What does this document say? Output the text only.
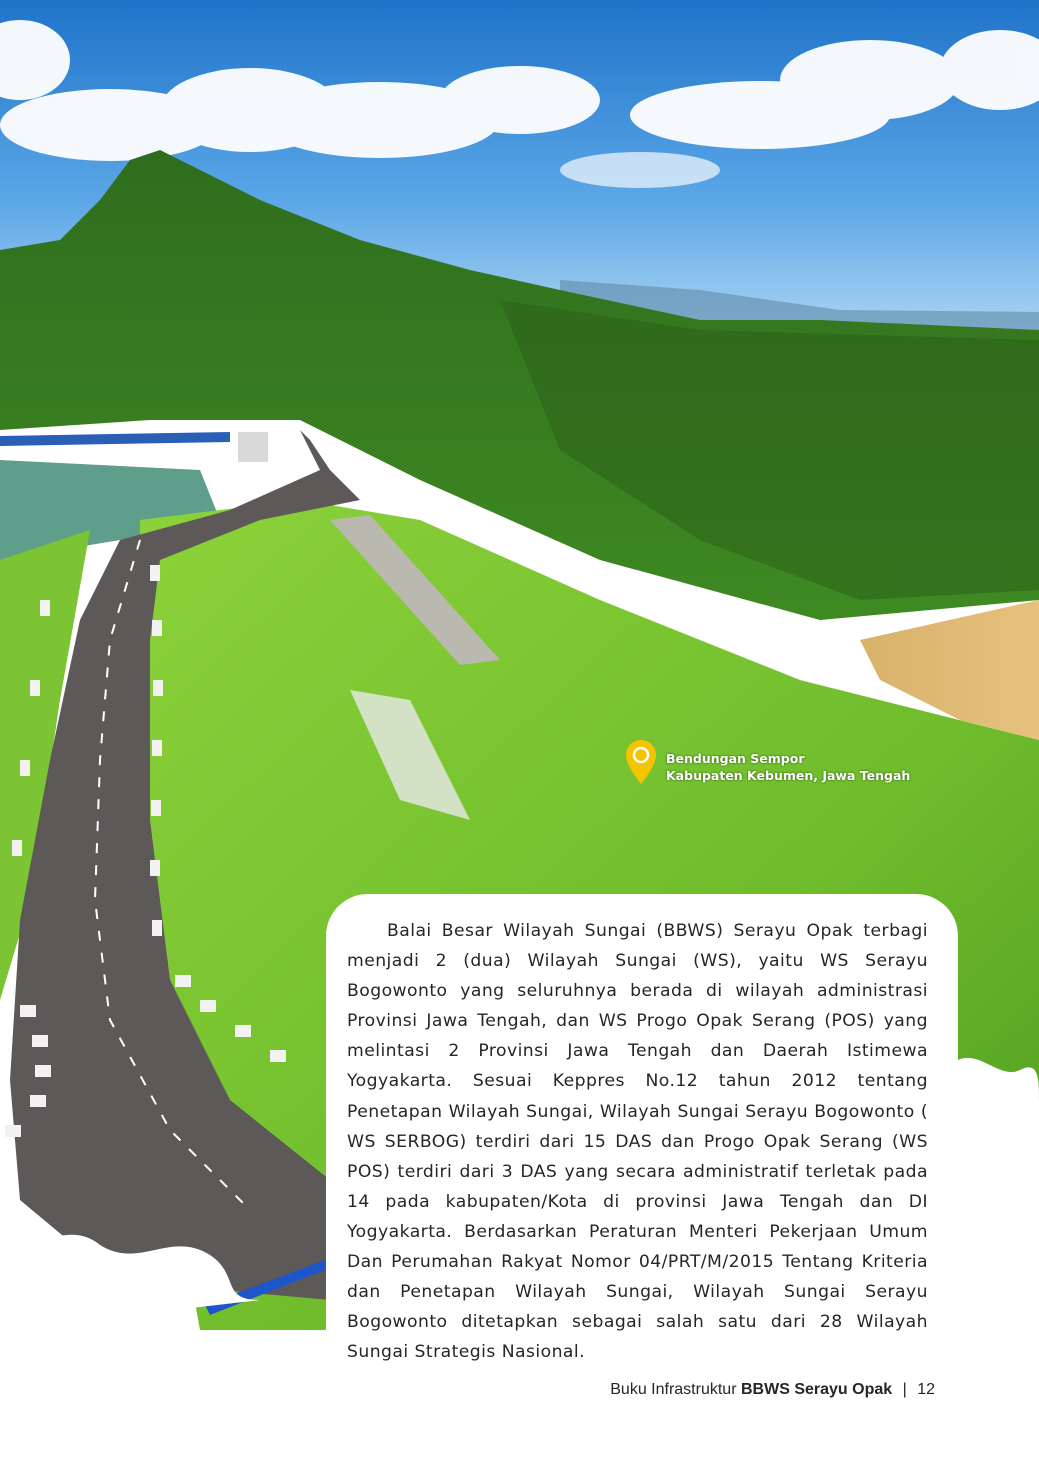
Bendungan Sempor
Kabupaten Kebumen, Jawa Tengah

Balai Besar Wilayah Sungai (BBWS) Serayu Opak terbagi menjadi 2 (dua) Wilayah Sungai (WS), yaitu WS Serayu Bogowonto yang seluruhnya berada di wilayah administrasi Provinsi Jawa Tengah, dan WS Progo Opak Serang (POS) yang melintasi 2 Provinsi Jawa Tengah dan Daerah Istimewa Yogyakarta. Sesuai Keppres No.12 tahun 2012 tentang Penetapan Wilayah Sungai, Wilayah Sungai Serayu Bogowonto ( WS SERBOG) terdiri dari 15 DAS dan Progo Opak Serang (WS POS) terdiri dari 3 DAS yang secara administratif terletak pada 14 pada kabupaten/Kota di provinsi Jawa Tengah dan DI Yogyakarta. Berdasarkan Peraturan Menteri Pekerjaan Umum Dan Perumahan Rakyat Nomor 04/PRT/M/2015 Tentang Kriteria dan Penetapan Wilayah Sungai, Wilayah Sungai Serayu Bogowonto ditetapkan sebagai salah satu dari 28 Wilayah Sungai Strategis Nasional.

Buku Infrastruktur BBWS Serayu Opak | 12
